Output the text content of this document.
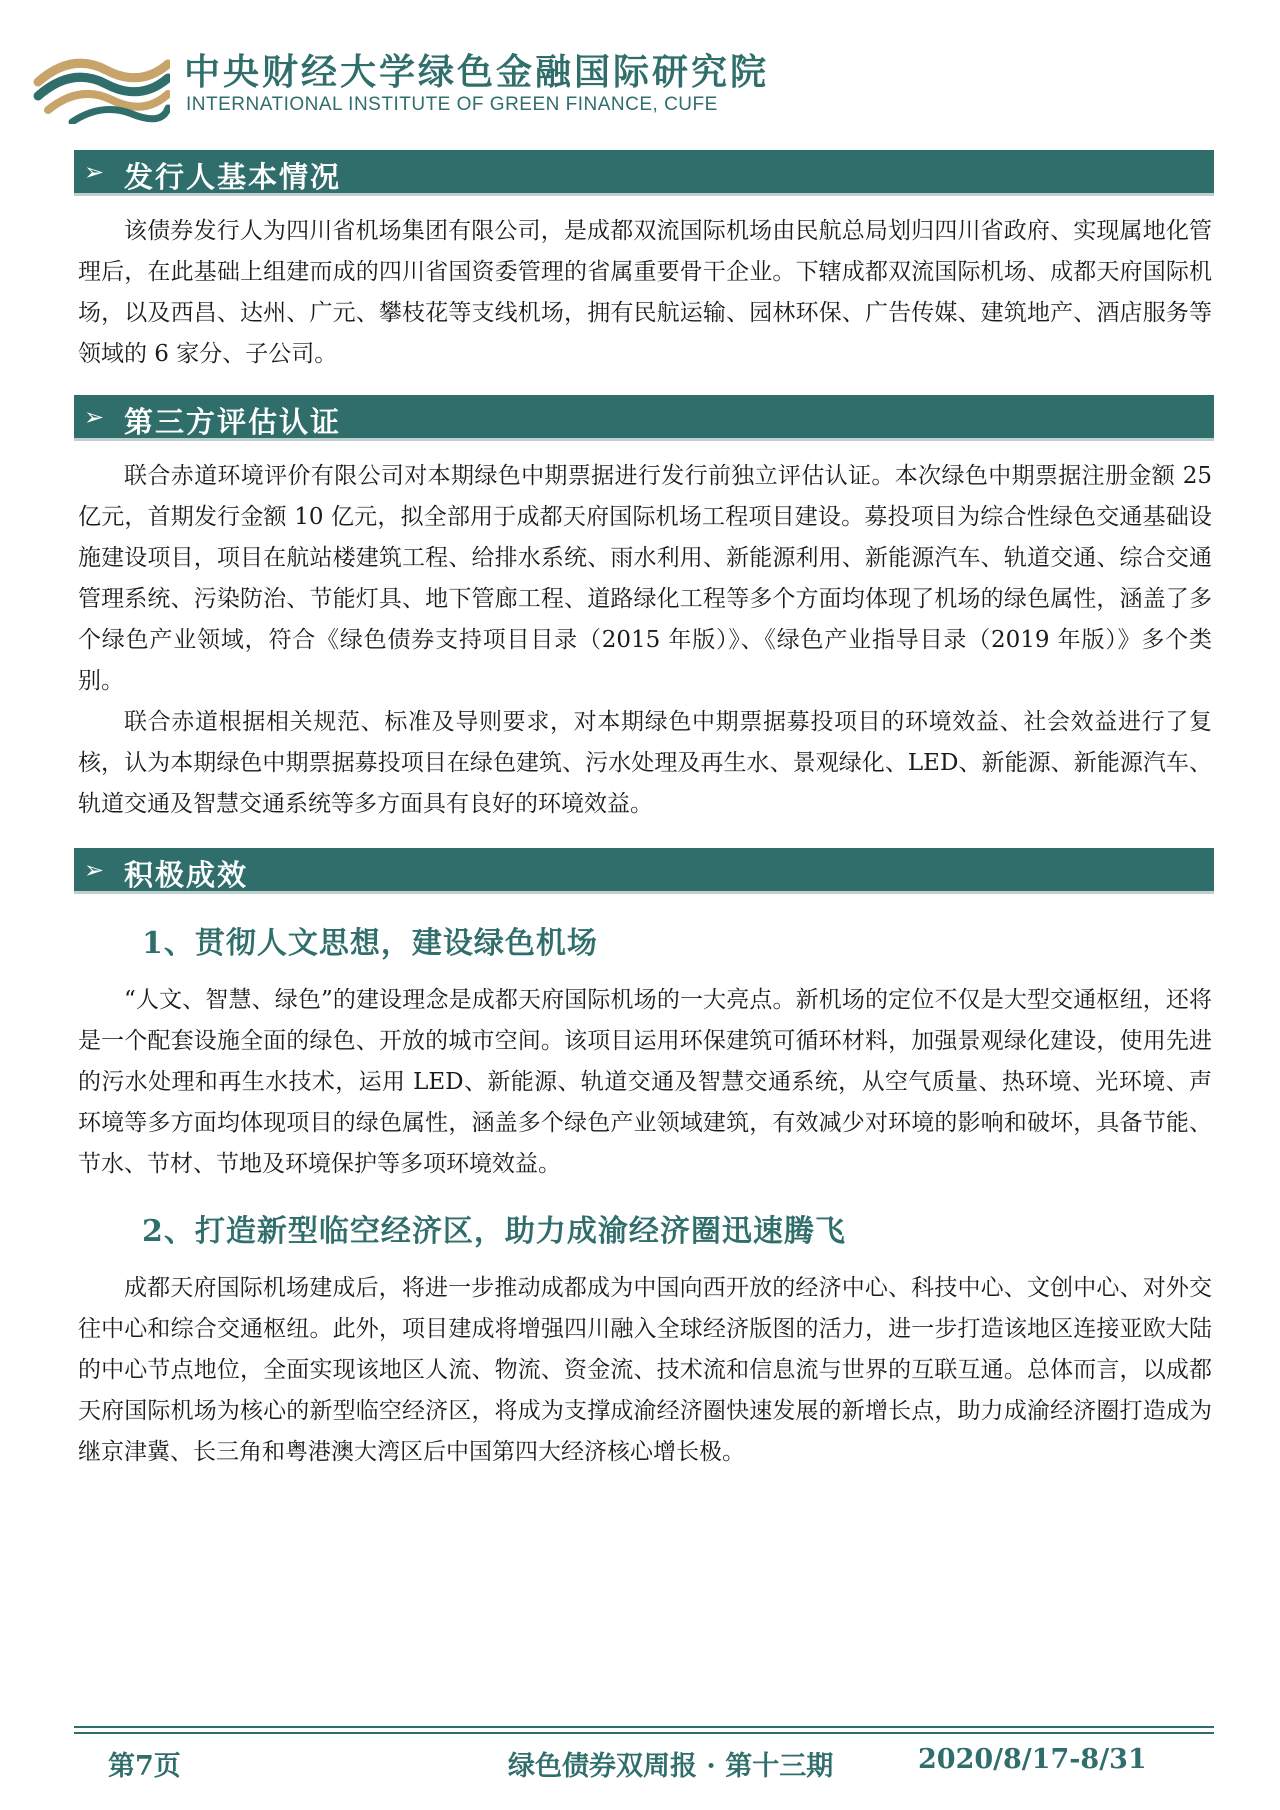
中央财经大学绿色金融国际研究院
INTERNATIONAL INSTITUTE OF GREEN FINANCE, CUFE
➢ 发行人基本情况

该债券发行人为四川省机场集团有限公司，是成都双流国际机场由民航总局划归四川省政府、实现属地化管理后，在此基础上组建而成的四川省国资委管理的省属重要骨干企业。下辖成都双流国际机场、成都天府国际机场，以及西昌、达州、广元、攀枝花等支线机场，拥有民航运输、园林环保、广告传媒、建筑地产、酒店服务等领域的 6 家分、子公司。

➢ 第三方评估认证

联合赤道环境评价有限公司对本期绿色中期票据进行发行前独立评估认证。本次绿色中期票据注册金额 25 亿元，首期发行金额 10 亿元，拟全部用于成都天府国际机场工程项目建设。募投项目为综合性绿色交通基础设施建设项目，项目在航站楼建筑工程、给排水系统、雨水利用、新能源利用、新能源汽车、轨道交通、综合交通管理系统、污染防治、节能灯具、地下管廊工程、道路绿化工程等多个方面均体现了机场的绿色属性，涵盖了多个绿色产业领域，符合《绿色债券支持项目目录（2015 年版）》、《绿色产业指导目录（2019 年版）》多个类别。

联合赤道根据相关规范、标准及导则要求，对本期绿色中期票据募投项目的环境效益、社会效益进行了复核，认为本期绿色中期票据募投项目在绿色建筑、污水处理及再生水、景观绿化、LED、新能源、新能源汽车、轨道交通及智慧交通系统等多方面具有良好的环境效益。

➢ 积极成效
1、贯彻人文思想，建设绿色机场

“人文、智慧、绿色”的建设理念是成都天府国际机场的一大亮点。新机场的定位不仅是大型交通枢纽，还将是一个配套设施全面的绿色、开放的城市空间。该项目运用环保建筑可循环材料，加强景观绿化建设，使用先进的污水处理和再生水技术，运用 LED、新能源、轨道交通及智慧交通系统，从空气质量、热环境、光环境、声环境等多方面均体现项目的绿色属性，涵盖多个绿色产业领域建筑，有效减少对环境的影响和破坏，具备节能、节水、节材、节地及环境保护等多项环境效益。

2、打造新型临空经济区，助力成渝经济圈迅速腾飞

成都天府国际机场建成后，将进一步推动成都成为中国向西开放的经济中心、科技中心、文创中心、对外交往中心和综合交通枢纽。此外，项目建成将增强四川融入全球经济版图的活力，进一步打造该地区连接亚欧大陆的中心节点地位，全面实现该地区人流、物流、资金流、技术流和信息流与世界的互联互通。总体而言，以成都天府国际机场为核心的新型临空经济区，将成为支撑成渝经济圈快速发展的新增长点，助力成渝经济圈打造成为继京津冀、长三角和粤港澳大湾区后中国第四大经济核心增长极。

第7页	绿色债券双周报 · 第十三期	2020/8/17-8/31
